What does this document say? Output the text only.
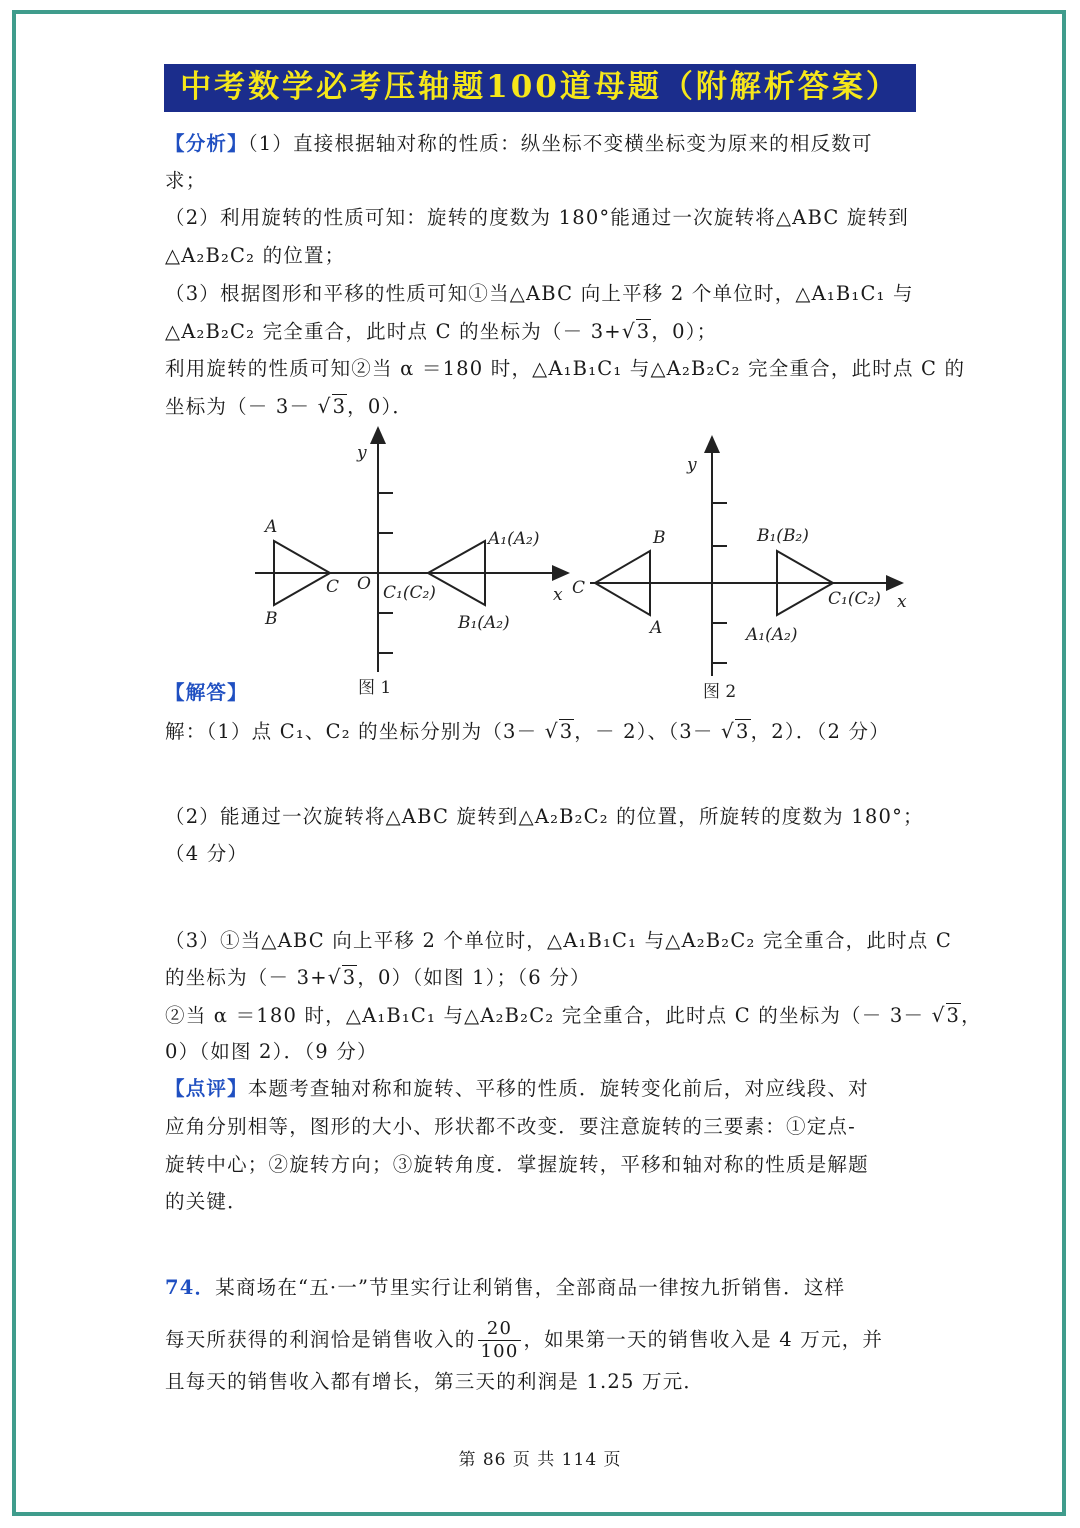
中考数学必考压轴题100道母题（附解析答案）
【分析】（1）直接根据轴对称的性质：纵坐标不变横坐标变为原来的相反数可
求；
（2）利用旋转的性质可知：旋转的度数为 180°能通过一次旋转将△ABC 旋转到
△A₂B₂C₂ 的位置；
（3）根据图形和平移的性质可知①当△ABC 向上平移 2 个单位时，△A₁B₁C₁ 与
△A₂B₂C₂ 完全重合，此时点 C 的坐标为（－ 3+√3，0）；
利用旋转的性质可知②当 α ＝180 时，△A₁B₁C₁ 与△A₂B₂C₂ 完全重合，此时点 C 的
坐标为（－ 3－ √3，0）．
y
x
O
A
B
C
A₁(A₂)
C₁(C₂)
B₁(A₂)
y
x
C
B
A
B₁(B₂)
C₁(C₂)
A₁(A₂)
图 1	图 2
【解答】
解：（1）点 C₁、C₂ 的坐标分别为（3－ √3，－ 2）、（3－ √3，2）．（2 分）
（2）能通过一次旋转将△ABC 旋转到△A₂B₂C₂ 的位置，所旋转的度数为 180°；
（4 分）
（3）①当△ABC 向上平移 2 个单位时，△A₁B₁C₁ 与△A₂B₂C₂ 完全重合，此时点 C
的坐标为（－ 3+√3，0）（如图 1）；（6 分）
②当 α ＝180 时，△A₁B₁C₁ 与△A₂B₂C₂ 完全重合，此时点 C 的坐标为（－ 3－ √3，
0）（如图 2）．（9 分）
【点评】本题考查轴对称和旋转、平移的性质．旋转变化前后，对应线段、对
应角分别相等，图形的大小、形状都不改变．要注意旋转的三要素：①定点-
旋转中心；②旋转方向；③旋转角度．掌握旋转，平移和轴对称的性质是解题
的关键．
74．某商场在“五·一”节里实行让利销售，全部商品一律按九折销售．这样
每天所获得的利润恰是销售收入的 $\frac{20}{100}$ ，如果第一天的销售收入是 4 万元，并
且每天的销售收入都有增长，第三天的利润是 1.25 万元．
第 86 页 共 114 页
